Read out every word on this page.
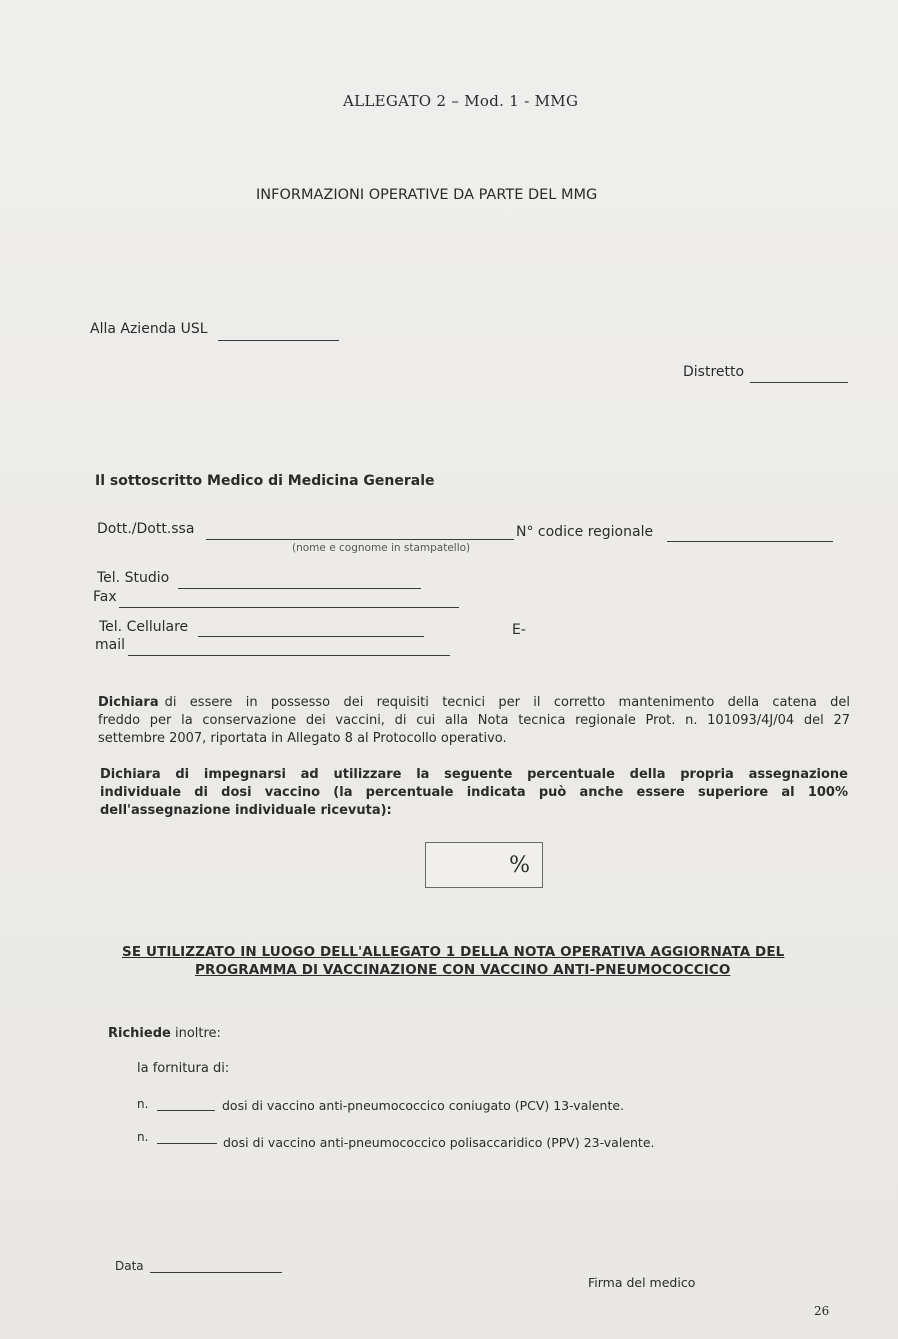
ALLEGATO 2 – Mod. 1 - MMG
INFORMAZIONI OPERATIVE DA PARTE DEL MMG
Alla Azienda USL
Distretto
Il sottoscritto Medico di Medicina Generale
Dott./Dott.ssa
(nome e cognome in stampatello)
N° codice regionale
Tel. Studio
Fax
Tel. Cellulare	E-
mail
Dichiara di essere in possesso dei requisiti tecnici per il corretto mantenimento della catena del
freddo per la conservazione dei vaccini, di cui alla Nota tecnica regionale Prot. n. 101093/4J/04 del 27
settembre 2007, riportata in Allegato 8 al Protocollo operativo.
Dichiara di impegnarsi ad utilizzare la seguente percentuale della propria assegnazione
individuale di dosi vaccino (la percentuale indicata può anche essere superiore al 100%
dell'assegnazione individuale ricevuta):
%
SE UTILIZZATO IN LUOGO DELL'ALLEGATO 1 DELLA NOTA OPERATIVA AGGIORNATA DEL
PROGRAMMA DI VACCINAZIONE CON VACCINO ANTI-PNEUMOCOCCICO
Richiede inoltre:
la fornitura di:
n.	dosi di vaccino anti-pneumococcico coniugato (PCV) 13-valente.
n.	dosi di vaccino anti-pneumococcico polisaccaridico (PPV) 23-valente.
Data
Firma del medico
26
